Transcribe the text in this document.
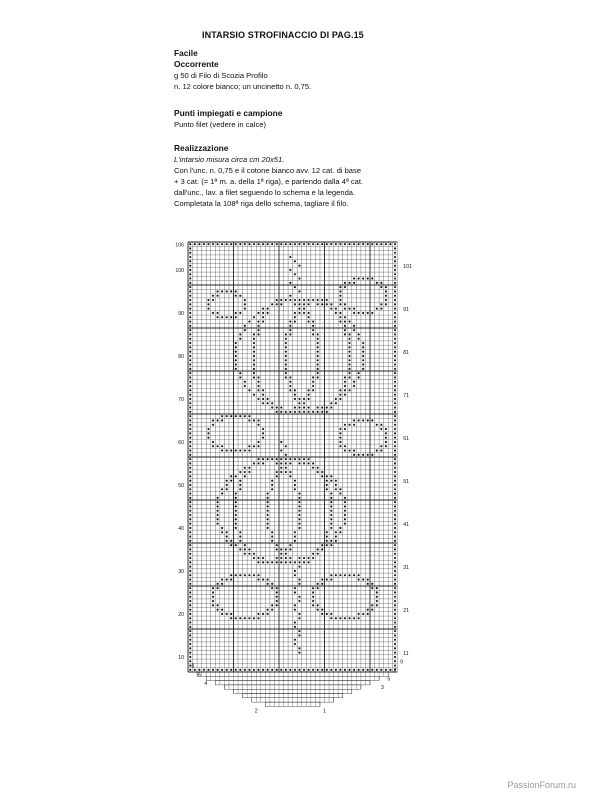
INTARSIO STROFINACCIO DI PAG.15
Facile
Occorrente
g 50 di Filo di Scozia Profilo
n. 12 colore bianco; un uncinetto n. 0,75.
Punti impiegati e campione
Punto filet (vedere in calce)
Realizzazione
L'intarsio misura circa cm 20x51.
Con l'unc. n. 0,75 e il cotone bianco avv. 12 cat. di base
+ 3 cat. (= 1ª m. a. della 1ª riga), e partendo dalla 4ª cat.
dall'unc., lav. a filet seguendo lo schema e la legenda.
Completata la 108ª riga dello schema, tagliare il filo.
106
100
90
80
70
60
50
40
30
20
10
8
6
4
101
91
81
71
61
51
41
31
21
11
9
7
5
3
2	1
PassionForum.ru
